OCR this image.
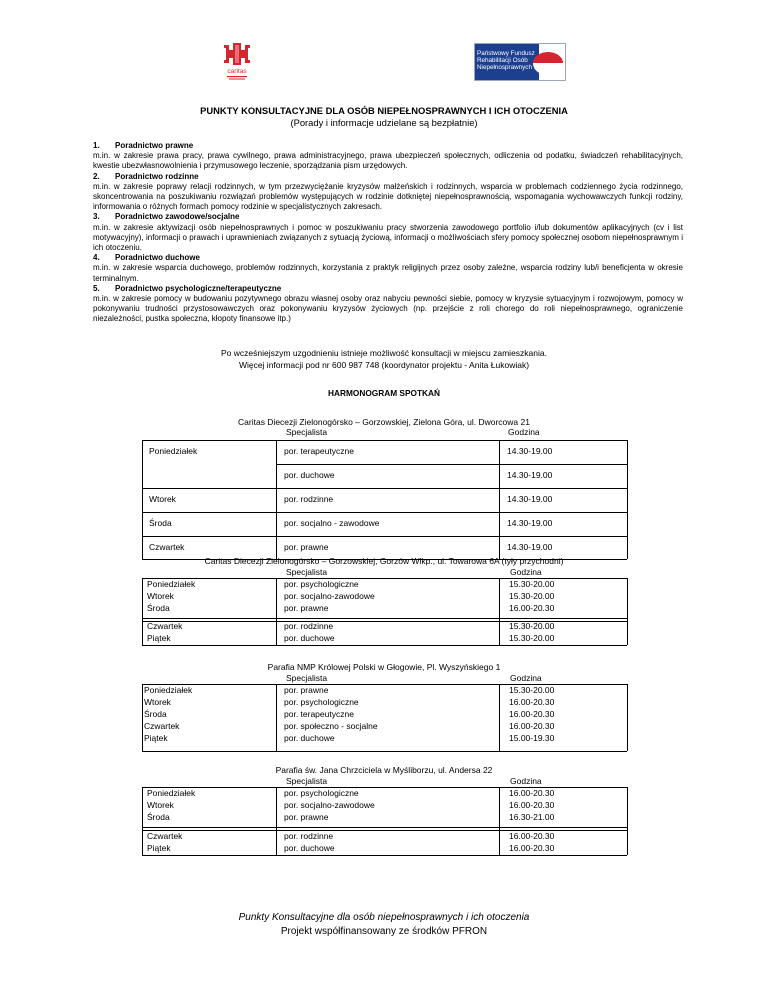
caritas
Państwowy Fundusz
Rehabilitacji Osób
Niepełnosprawnych
PUNKTY KONSULTACYJNE DLA OSÓB NIEPEŁNOSPRAWNYCH I ICH OTOCZENIA
(Porady i informacje udzielane są bezpłatnie)
1. Poradnictwo prawne
m.in. w zakresie prawa pracy, prawa cywilnego, prawa administracyjnego, prawa ubezpieczeń społecznych, odliczenia od podatku, świadczeń rehabilitacyjnych, kwestie ubezwłasnowolnienia i przymusowego leczenie, sporządzania pism urzędowych.
2. Poradnictwo rodzinne
m.in. w zakresie poprawy relacji rodzinnych, w tym przezwyciężanie kryzysów małżeńskich i rodzinnych, wsparcia w problemach codziennego życia rodzinnego, skoncentrowania na poszukiwaniu rozwiązań problemów występujących w rodzinie dotkniętej niepełnosprawnością, wspomagania wychowawczych funkcji rodziny, informowania o różnych formach pomocy rodzinie w specjalistycznych zakresach.
3. Poradnictwo zawodowe/socjalne
m.in. w zakresie aktywizacji osób niepełnosprawnych i pomoc w poszukiwaniu pracy stworzenia zawodowego portfolio i/lub dokumentów aplikacyjnych (cv i list motywacyjny), informacji o prawach i uprawnieniach związanych z sytuacją życiową, informacji o możliwościach sfery pomocy społecznej osobom niepełnosprawnym i ich otoczeniu.
4. Poradnictwo duchowe
m.in. w zakresie wsparcia duchowego, problemów rodzinnych, korzystania z praktyk religijnych przez osoby zależne, wsparcia rodziny lub/i beneficjenta w okresie terminalnym.
5. Poradnictwo psychologiczne/terapeutyczne
m.in. w zakresie pomocy w budowaniu pozytywnego obrazu własnej osoby oraz nabyciu pewności siebie, pomocy w kryzysie sytuacyjnym i rozwojowym, pomocy w pokonywaniu trudności przystosowawczych oraz pokonywaniu kryzysów życiowych (np. przejście z roli chorego do roli niepełnosprawnego, ograniczenie niezależności, pustka społeczna, kłopoty finansowe itp.)
Po wcześniejszym uzgodnieniu istnieje możliwość konsultacji w miejscu zamieszkania.
Więcej informacji pod nr 600 987 748 (koordynator projektu - Anita Łukowiak)
HARMONOGRAM SPOTKAŃ
Caritas Diecezji Zielonogórsko – Gorzowskiej, Zielona Góra, ul. Dworcowa 21
Specjalista	Godzina
Poniedziałek	por. terapeutyczne	14.30-19.00
por. duchowe	14.30-19.00
Wtorek	por. rodzinne	14.30-19.00
Środa	por. socjalno - zawodowe	14.30-19.00
Czwartek	por. prawne	14.30-19.00
Caritas Diecezji Zielonogórsko – Gorzowskiej, Gorzów Wlkp., ul. Towarowa 6A (tyły przychodni)
Specjalista	Godzina
Poniedziałek	por. psychologiczne	15.30-20.00
Wtorek	por. socjalno-zawodowe	15.30-20.00
Środa	por. prawne	16.00-20.30
Czwartek	por. rodzinne	15.30-20.00
Piątek	por. duchowe	15.30-20.00
Parafia NMP Królowej Polski w Głogowie, Pl. Wyszyńskiego 1
Specjalista	Godzina
Poniedziałek	por. prawne	15.30-20.00
Wtorek	por. psychologiczne	16.00-20.30
Środa	por. terapeutyczne	16.00-20.30
Czwartek	por. społeczno - socjalne	16.00-20.30
Piątek	por. duchowe	15.00-19.30
Parafia św. Jana Chrzciciela w Myśliborzu, ul. Andersa 22
Specjalista	Godzina
Poniedziałek	por. psychologiczne	16.00-20.30
Wtorek	por. socjalno-zawodowe	16.00-20.30
Środa	por. prawne	16.30-21.00
Czwartek	por. rodzinne	16.00-20.30
Piątek	por. duchowe	16.00-20.30
Punkty Konsultacyjne dla osób niepełnosprawnych i ich otoczenia
Projekt współfinansowany ze środków PFRON
